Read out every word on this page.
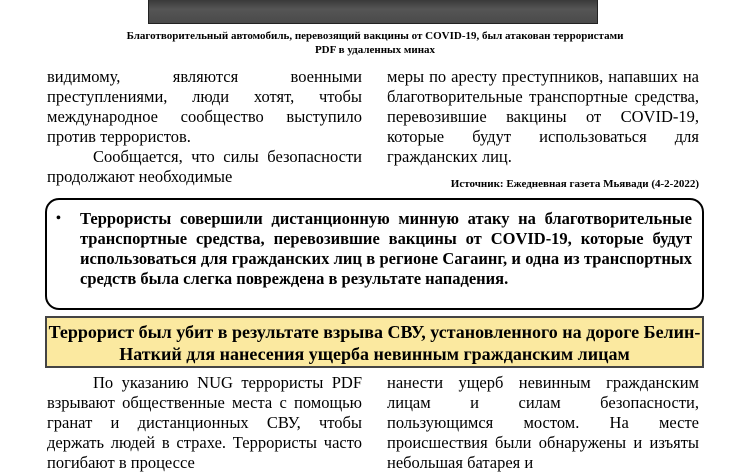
Благотворительный автомобиль, перевозящий вакцины от COVID-19, был атакован террористами PDF в удаленных минах

видимому, являются военными преступлениями, люди хотят, чтобы международное сообщество выступило против террористов.

Сообщается, что силы безопасности продолжают необходимые

меры по аресту преступников, напавших на благотворительные транспортные средства, перевозившие вакцины от COVID-19, которые будут использоваться для гражданских лиц.

Источник: Ежедневная газета Мьявади (4-2-2022)
• Террористы совершили дистанционную минную атаку на благотворительные транспортные средства, перевозившие вакцины от COVID-19, которые будут использоваться для гражданских лиц в регионе Сагаинг, и одна из транспортных средств была слегка повреждена в результате нападения.
Террорист был убит в результате взрыва СВУ, установленного на дороге Белин-Наткий для нанесения ущерба невинным гражданским лицам

По указанию NUG террористы PDF взрывают общественные места с помощью гранат и дистанционных СВУ, чтобы держать людей в страхе. Террористы часто погибают в процессе

нанести ущерб невинным гражданским лицам и силам безопасности, пользующимся мостом. На месте происшествия были обнаружены и изъяты небольшая батарея и
